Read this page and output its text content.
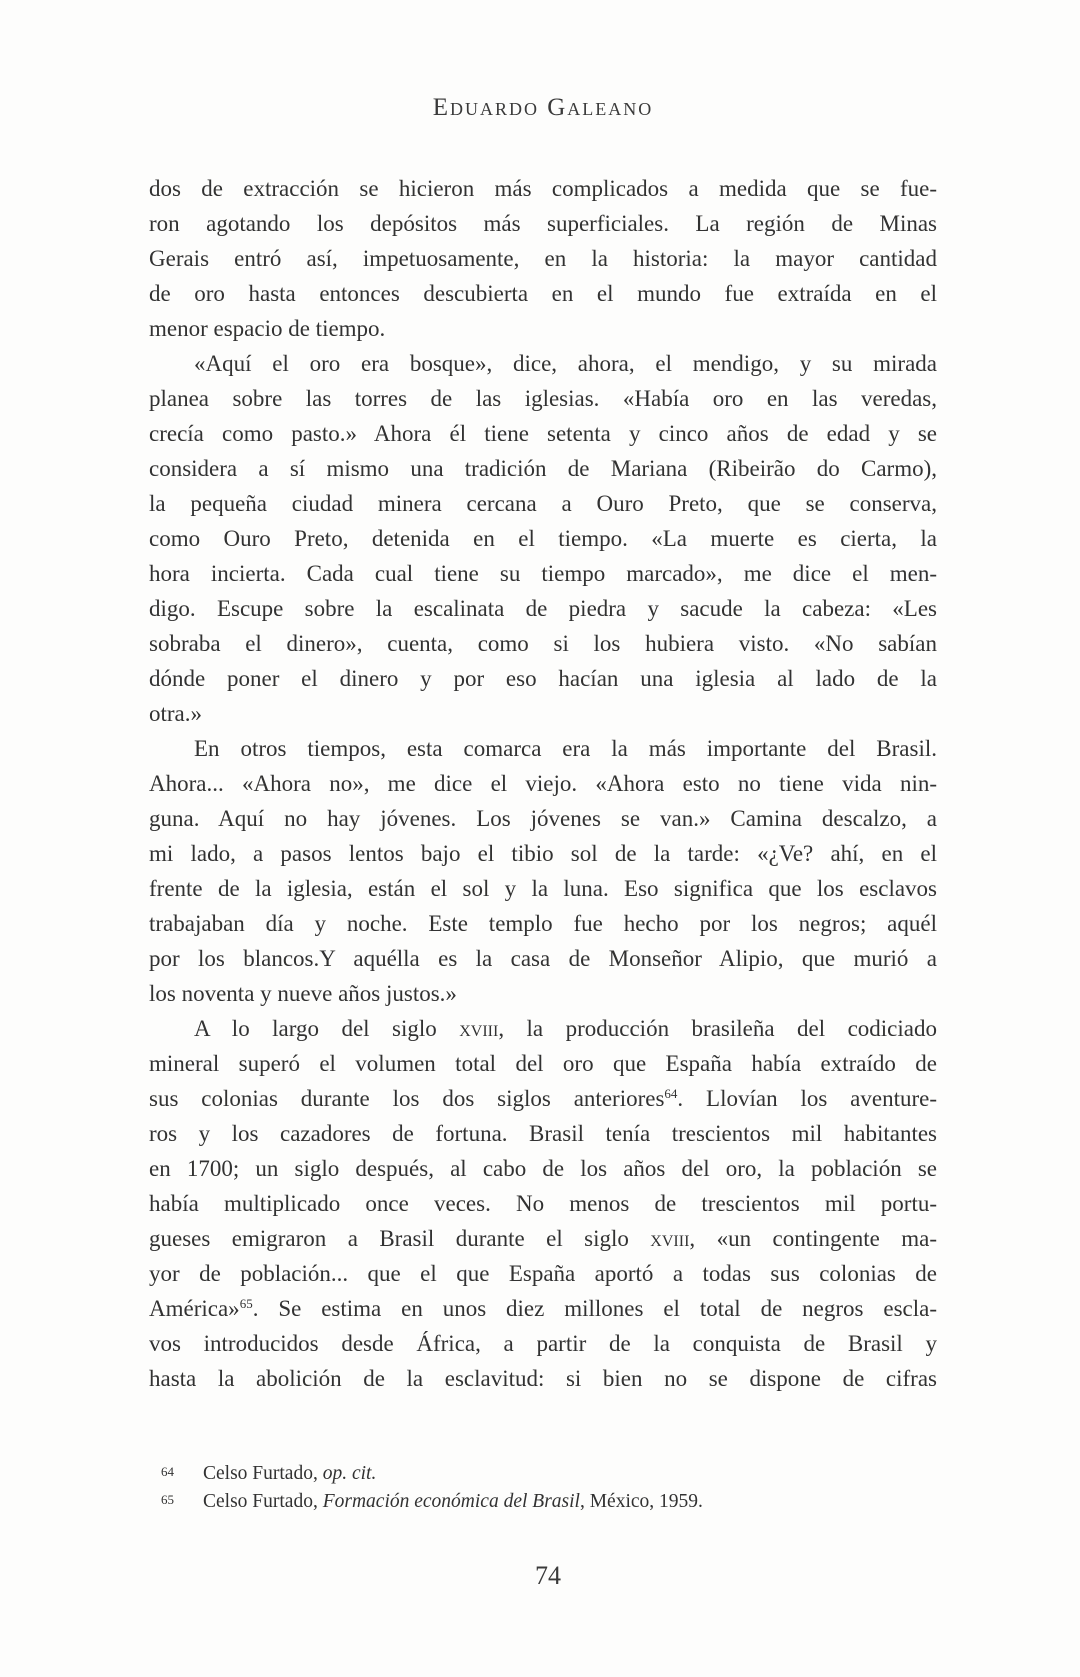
Eduardo Galeano
dos de extracción se hicieron más complicados a medida que se fue-
ron agotando los depósitos más superficiales. La región de Minas
Gerais entró así, impetuosamente, en la historia: la mayor cantidad
de oro hasta entonces descubierta en el mundo fue extraída en el
menor espacio de tiempo.
«Aquí el oro era bosque», dice, ahora, el mendigo, y su mirada
planea sobre las torres de las iglesias. «Había oro en las veredas,
crecía como pasto.» Ahora él tiene setenta y cinco años de edad y se
considera a sí mismo una tradición de Mariana (Ribeirão do Carmo),
la pequeña ciudad minera cercana a Ouro Preto, que se conserva,
como Ouro Preto, detenida en el tiempo. «La muerte es cierta, la
hora incierta. Cada cual tiene su tiempo marcado», me dice el men-
digo. Escupe sobre la escalinata de piedra y sacude la cabeza: «Les
sobraba el dinero», cuenta, como si los hubiera visto. «No sabían
dónde poner el dinero y por eso hacían una iglesia al lado de la
otra.»
En otros tiempos, esta comarca era la más importante del Brasil.
Ahora... «Ahora no», me dice el viejo. «Ahora esto no tiene vida nin-
guna. Aquí no hay jóvenes. Los jóvenes se van.» Camina descalzo, a
mi lado, a pasos lentos bajo el tibio sol de la tarde: «¿Ve? ahí, en el
frente de la iglesia, están el sol y la luna. Eso significa que los esclavos
trabajaban día y noche. Este templo fue hecho por los negros; aquél
por los blancos.Y aquélla es la casa de Monseñor Alipio, que murió a
los noventa y nueve años justos.»
A lo largo del siglo xviii, la producción brasileña del codiciado
mineral superó el volumen total del oro que España había extraído de
sus colonias durante los dos siglos anteriores$^{64}$. Llovían los aventure-
ros y los cazadores de fortuna. Brasil tenía trescientos mil habitantes
en 1700; un siglo después, al cabo de los años del oro, la población se
había multiplicado once veces. No menos de trescientos mil portu-
gueses emigraron a Brasil durante el siglo xviii, «un contingente ma-
yor de población... que el que España aportó a todas sus colonias de
América»$^{65}$. Se estima en unos diez millones el total de negros escla-
vos introducidos desde África, a partir de la conquista de Brasil y
hasta la abolición de la esclavitud: si bien no se dispone de cifras
64	Celso Furtado, op. cit.
65	Celso Furtado, Formación económica del Brasil, México, 1959.
74
